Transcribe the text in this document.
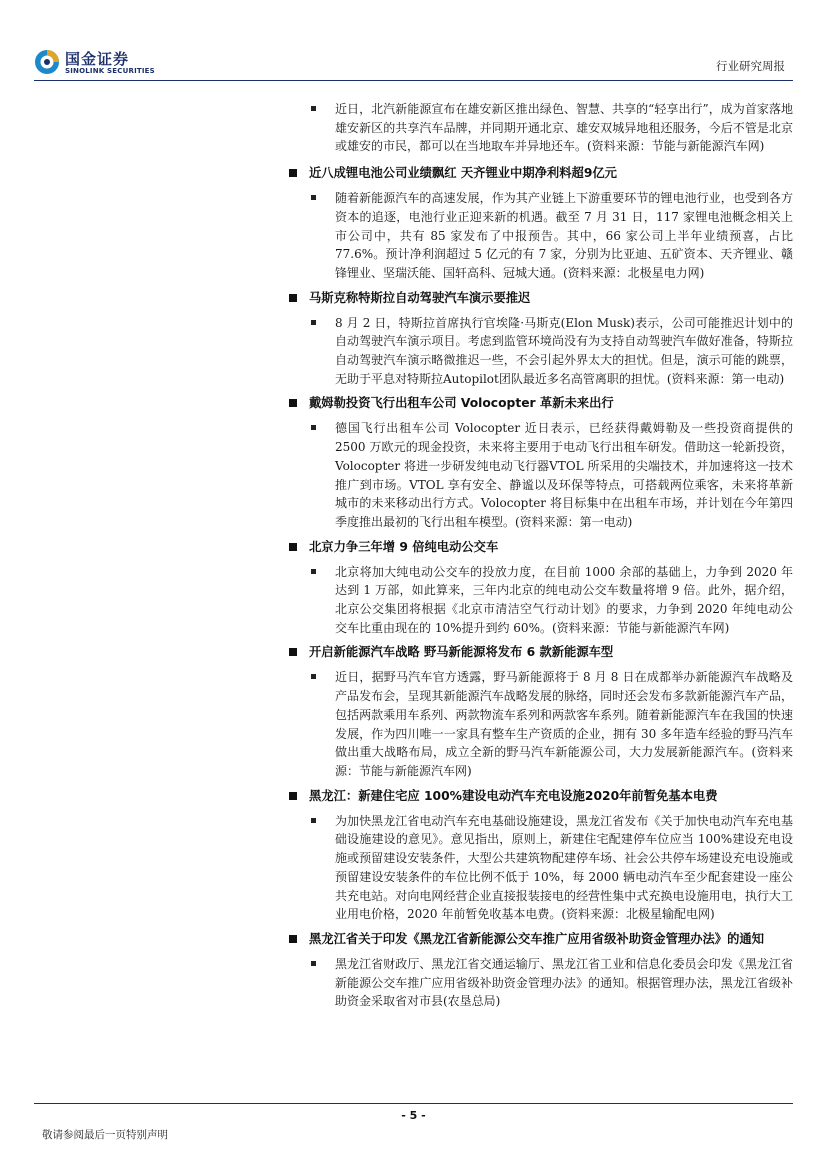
国金证券
SINOLINK SECURITIES	行业研究周报
近日，北汽新能源宣布在雄安新区推出绿色、智慧、共享的“轻享出行”，成为首家落地雄安新区的共享汽车品牌，并同期开通北京、雄安双城异地租还服务，今后不管是北京或雄安的市民，都可以在当地取车并异地还车。(资料来源：节能与新能源汽车网)
近八成锂电池公司业绩飘红 天齐锂业中期净利料超9亿元
随着新能源汽车的高速发展，作为其产业链上下游重要环节的锂电池行业，也受到各方资本的追逐，电池行业正迎来新的机遇。截至 7 月 31 日，117 家锂电池概念相关上市公司中，共有 85 家发布了中报预告。其中，66 家公司上半年业绩预喜，占比 77.6%。预计净利润超过 5 亿元的有 7 家，分别为比亚迪、五矿资本、天齐锂业、赣锋锂业、坚瑞沃能、国轩高科、冠城大通。(资料来源：北极星电力网)
马斯克称特斯拉自动驾驶汽车演示要推迟
8 月 2 日，特斯拉首席执行官埃隆·马斯克(Elon Musk)表示，公司可能推迟计划中的自动驾驶汽车演示项目。考虑到监管环境尚没有为支持自动驾驶汽车做好准备，特斯拉自动驾驶汽车演示略微推迟一些，不会引起外界太大的担忧。但是，演示可能的跳票，无助于平息对特斯拉Autopilot团队最近多名高管离职的担忧。(资料来源：第一电动)
戴姆勒投资飞行出租车公司 Volocopter 革新未来出行
德国飞行出租车公司 Volocopter 近日表示，已经获得戴姆勒及一些投资商提供的 2500 万欧元的现金投资，未来将主要用于电动飞行出租车研发。借助这一轮新投资，Volocopter 将进一步研发纯电动飞行器VTOL 所采用的尖端技术，并加速将这一技术推广到市场。VTOL 享有安全、静谧以及环保等特点，可搭载两位乘客，未来将革新城市的未来移动出行方式。Volocopter 将目标集中在出租车市场，并计划在今年第四季度推出最初的飞行出租车模型。(资料来源：第一电动)
北京力争三年增 9 倍纯电动公交车
北京将加大纯电动公交车的投放力度，在目前 1000 余部的基础上，力争到 2020 年达到 1 万部，如此算来，三年内北京的纯电动公交车数量将增 9 倍。此外，据介绍，北京公交集团将根据《北京市清洁空气行动计划》的要求，力争到 2020 年纯电动公交车比重由现在的 10%提升到约 60%。(资料来源：节能与新能源汽车网)
开启新能源汽车战略 野马新能源将发布 6 款新能源车型
近日，据野马汽车官方透露，野马新能源将于 8 月 8 日在成都举办新能源汽车战略及产品发布会，呈现其新能源汽车战略发展的脉络，同时还会发布多款新能源汽车产品，包括两款乘用车系列、两款物流车系列和两款客车系列。随着新能源汽车在我国的快速发展，作为四川唯一一家具有整车生产资质的企业，拥有 30 多年造车经验的野马汽车做出重大战略布局，成立全新的野马汽车新能源公司，大力发展新能源汽车。(资料来源：节能与新能源汽车网)
黑龙江：新建住宅应 100%建设电动汽车充电设施2020年前暂免基本电费
为加快黑龙江省电动汽车充电基础设施建设，黑龙江省发布《关于加快电动汽车充电基础设施建设的意见》。意见指出，原则上，新建住宅配建停车位应当 100%建设充电设施或预留建设安装条件，大型公共建筑物配建停车场、社会公共停车场建设充电设施或预留建设安装条件的车位比例不低于 10%，每 2000 辆电动汽车至少配套建设一座公共充电站。对向电网经营企业直接报装接电的经营性集中式充换电设施用电，执行大工业用电价格，2020 年前暂免收基本电费。(资料来源：北极星输配电网)
黑龙江省关于印发《黑龙江省新能源公交车推广应用省级补助资金管理办法》的通知
黑龙江省财政厅、黑龙江省交通运输厅、黑龙江省工业和信息化委员会印发《黑龙江省新能源公交车推广应用省级补助资金管理办法》的通知。根据管理办法，黑龙江省级补助资金采取省对市县(农垦总局)
- 5 -
敬请参阅最后一页特别声明
